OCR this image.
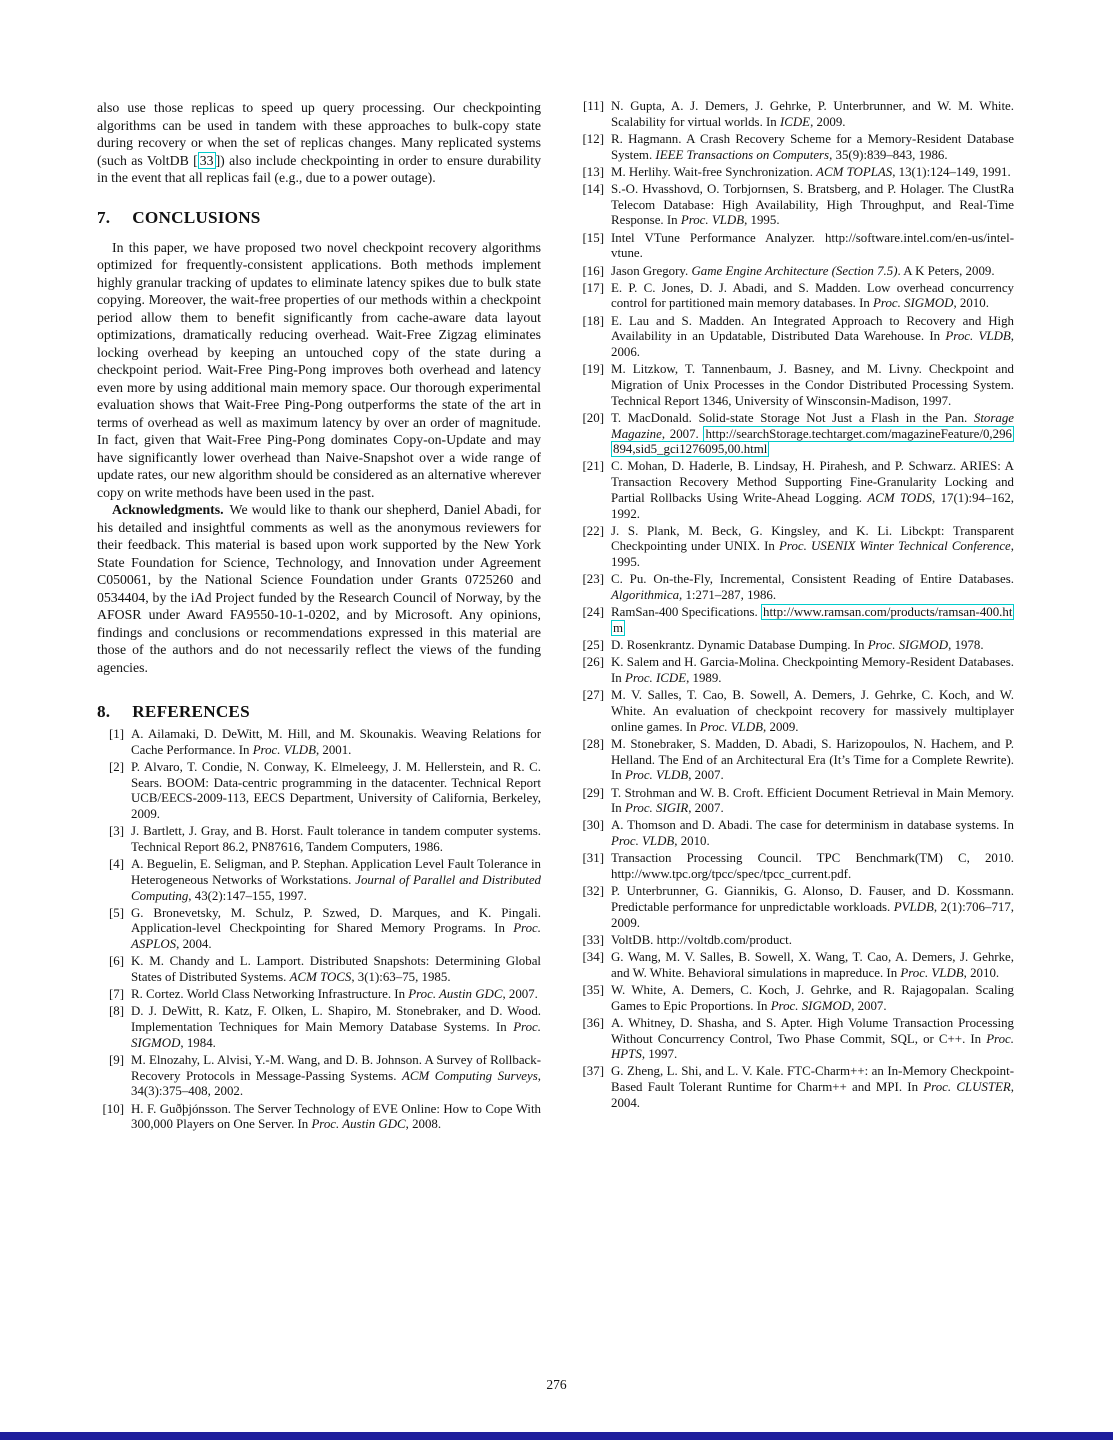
also use those replicas to speed up query processing. Our checkpointing algorithms can be used in tandem with these approaches to bulk-copy state during recovery or when the set of replicas changes. Many replicated systems (such as VoltDB [ 33 ]) also include checkpointing in order to ensure durability in the event that all replicas fail (e.g., due to a power outage).

7. CONCLUSIONS

In this paper, we have proposed two novel checkpoint recovery algorithms optimized for frequently-consistent applications. Both methods implement highly granular tracking of updates to eliminate latency spikes due to bulk state copying. Moreover, the wait-free properties of our methods within a checkpoint period allow them to benefit significantly from cache-aware data layout optimizations, dramatically reducing overhead. Wait-Free Zigzag eliminates locking overhead by keeping an untouched copy of the state during a checkpoint period. Wait-Free Ping-Pong improves both overhead and latency even more by using additional main memory space. Our thorough experimental evaluation shows that Wait-Free Ping-Pong outperforms the state of the art in terms of overhead as well as maximum latency by over an order of magnitude. In fact, given that Wait-Free Ping-Pong dominates Copy-on-Update and may have significantly lower overhead than Naive-Snapshot over a wide range of update rates, our new algorithm should be considered as an alternative wherever copy on write methods have been used in the past.

Acknowledgments. We would like to thank our shepherd, Daniel Abadi, for his detailed and insightful comments as well as the anonymous reviewers for their feedback. This material is based upon work supported by the New York State Foundation for Science, Technology, and Innovation under Agreement C050061, by the National Science Foundation under Grants 0725260 and 0534404, by the iAd Project funded by the Research Council of Norway, by the AFOSR under Award FA9550-10-1-0202, and by Microsoft. Any opinions, findings and conclusions or recommendations expressed in this material are those of the authors and do not necessarily reflect the views of the funding agencies.

8. REFERENCES
[1] A. Ailamaki, D. DeWitt, M. Hill, and M. Skounakis. Weaving Relations for Cache Performance. In Proc. VLDB, 2001.
[2] P. Alvaro, T. Condie, N. Conway, K. Elmeleegy, J. M. Hellerstein, and R. C. Sears. BOOM: Data-centric programming in the datacenter. Technical Report UCB/EECS-2009-113, EECS Department, University of California, Berkeley, 2009.
[3] J. Bartlett, J. Gray, and B. Horst. Fault tolerance in tandem computer systems. Technical Report 86.2, PN87616, Tandem Computers, 1986.
[4] A. Beguelin, E. Seligman, and P. Stephan. Application Level Fault Tolerance in Heterogeneous Networks of Workstations. Journal of Parallel and Distributed Computing, 43(2):147–155, 1997.
[5] G. Bronevetsky, M. Schulz, P. Szwed, D. Marques, and K. Pingali. Application-level Checkpointing for Shared Memory Programs. In Proc. ASPLOS, 2004.
[6] K. M. Chandy and L. Lamport. Distributed Snapshots: Determining Global States of Distributed Systems. ACM TOCS, 3(1):63–75, 1985.
[7] R. Cortez. World Class Networking Infrastructure. In Proc. Austin GDC, 2007.
[8] D. J. DeWitt, R. Katz, F. Olken, L. Shapiro, M. Stonebraker, and D. Wood. Implementation Techniques for Main Memory Database Systems. In Proc. SIGMOD, 1984.
[9] M. Elnozahy, L. Alvisi, Y.-M. Wang, and D. B. Johnson. A Survey of Rollback-Recovery Protocols in Message-Passing Systems. ACM Computing Surveys, 34(3):375–408, 2002.
[10] H. F. Guðþjónsson. The Server Technology of EVE Online: How to Cope With 300,000 Players on One Server. In Proc. Austin GDC, 2008.
[11] N. Gupta, A. J. Demers, J. Gehrke, P. Unterbrunner, and W. M. White. Scalability for virtual worlds. In ICDE, 2009.
[12] R. Hagmann. A Crash Recovery Scheme for a Memory-Resident Database System. IEEE Transactions on Computers, 35(9):839–843, 1986.
[13] M. Herlihy. Wait-free Synchronization. ACM TOPLAS, 13(1):124–149, 1991.
[14] S.-O. Hvasshovd, O. Torbjornsen, S. Bratsberg, and P. Holager. The ClustRa Telecom Database: High Availability, High Throughput, and Real-Time Response. In Proc. VLDB, 1995.
[15] Intel VTune Performance Analyzer. http://software.intel.com/en-us/intel-vtune.
[16] Jason Gregory. Game Engine Architecture (Section 7.5). A K Peters, 2009.
[17] E. P. C. Jones, D. J. Abadi, and S. Madden. Low overhead concurrency control for partitioned main memory databases. In Proc. SIGMOD, 2010.
[18] E. Lau and S. Madden. An Integrated Approach to Recovery and High Availability in an Updatable, Distributed Data Warehouse. In Proc. VLDB, 2006.
[19] M. Litzkow, T. Tannenbaum, J. Basney, and M. Livny. Checkpoint and Migration of Unix Processes in the Condor Distributed Processing System. Technical Report 1346, University of Winsconsin-Madison, 1997.
[20] T. MacDonald. Solid-state Storage Not Just a Flash in the Pan. Storage Magazine, 2007. http://searchStorage.techtarget.com/magazineFeature/0,296894,sid5_gci1276095,00.html
[21] C. Mohan, D. Haderle, B. Lindsay, H. Pirahesh, and P. Schwarz. ARIES: A Transaction Recovery Method Supporting Fine-Granularity Locking and Partial Rollbacks Using Write-Ahead Logging. ACM TODS, 17(1):94–162, 1992.
[22] J. S. Plank, M. Beck, G. Kingsley, and K. Li. Libckpt: Transparent Checkpointing under UNIX. In Proc. USENIX Winter Technical Conference, 1995.
[23] C. Pu. On-the-Fly, Incremental, Consistent Reading of Entire Databases. Algorithmica, 1:271–287, 1986.
[24] RamSan-400 Specifications. http://www.ramsan.com/products/ramsan-400.htm
[25] D. Rosenkrantz. Dynamic Database Dumping. In Proc. SIGMOD, 1978.
[26] K. Salem and H. Garcia-Molina. Checkpointing Memory-Resident Databases. In Proc. ICDE, 1989.
[27] M. V. Salles, T. Cao, B. Sowell, A. Demers, J. Gehrke, C. Koch, and W. White. An evaluation of checkpoint recovery for massively multiplayer online games. In Proc. VLDB, 2009.
[28] M. Stonebraker, S. Madden, D. Abadi, S. Harizopoulos, N. Hachem, and P. Helland. The End of an Architectural Era (It’s Time for a Complete Rewrite). In Proc. VLDB, 2007.
[29] T. Strohman and W. B. Croft. Efficient Document Retrieval in Main Memory. In Proc. SIGIR, 2007.
[30] A. Thomson and D. Abadi. The case for determinism in database systems. In Proc. VLDB, 2010.
[31] Transaction Processing Council. TPC Benchmark(TM) C, 2010. http://www.tpc.org/tpcc/spec/tpcc_current.pdf.
[32] P. Unterbrunner, G. Giannikis, G. Alonso, D. Fauser, and D. Kossmann. Predictable performance for unpredictable workloads. PVLDB, 2(1):706–717, 2009.
[33] VoltDB. http://voltdb.com/product.
[34] G. Wang, M. V. Salles, B. Sowell, X. Wang, T. Cao, A. Demers, J. Gehrke, and W. White. Behavioral simulations in mapreduce. In Proc. VLDB, 2010.
[35] W. White, A. Demers, C. Koch, J. Gehrke, and R. Rajagopalan. Scaling Games to Epic Proportions. In Proc. SIGMOD, 2007.
[36] A. Whitney, D. Shasha, and S. Apter. High Volume Transaction Processing Without Concurrency Control, Two Phase Commit, SQL, or C++. In Proc. HPTS, 1997.
[37] G. Zheng, L. Shi, and L. V. Kale. FTC-Charm++: an In-Memory Checkpoint-Based Fault Tolerant Runtime for Charm++ and MPI. In Proc. CLUSTER, 2004.
276
